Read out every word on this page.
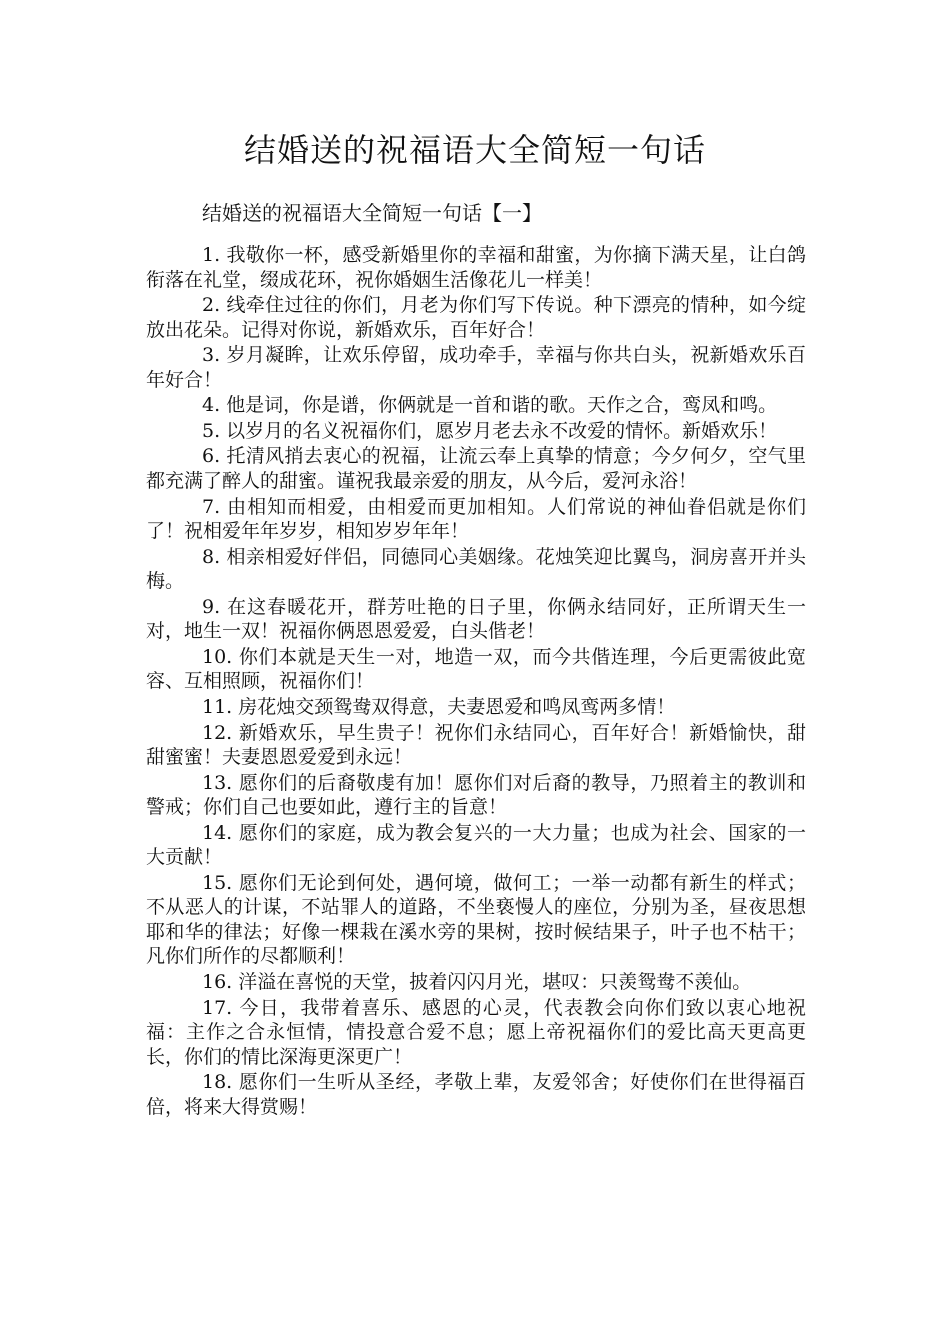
结婚送的祝福语大全简短一句话
结婚送的祝福语大全简短一句话【一】
1. 我敬你一杯，感受新婚里你的幸福和甜蜜，为你摘下满天星，让白鸽衔落在礼堂，缀成花环，祝你婚姻生活像花儿一样美！
2. 线牵住过往的你们，月老为你们写下传说。种下漂亮的情种，如今绽放出花朵。记得对你说，新婚欢乐，百年好合！
3. 岁月凝眸，让欢乐停留，成功牵手，幸福与你共白头，祝新婚欢乐百年好合！
4. 他是词，你是谱，你俩就是一首和谐的歌。天作之合，鸾凤和鸣。
5. 以岁月的名义祝福你们，愿岁月老去永不改爱的情怀。新婚欢乐！
6. 托清风捎去衷心的祝福，让流云奉上真挚的情意；今夕何夕，空气里都充满了醉人的甜蜜。谨祝我最亲爱的朋友，从今后，爱河永浴！
7. 由相知而相爱，由相爱而更加相知。人们常说的神仙眷侣就是你们了！祝相爱年年岁岁，相知岁岁年年！
8. 相亲相爱好伴侣，同德同心美姻缘。花烛笑迎比翼鸟，洞房喜开并头梅。
9. 在这春暖花开，群芳吐艳的日子里，你俩永结同好，正所谓天生一对，地生一双！祝福你俩恩恩爱爱，白头偕老！
10. 你们本就是天生一对，地造一双，而今共偕连理，今后更需彼此宽容、互相照顾，祝福你们！
11. 房花烛交颈鸳鸯双得意，夫妻恩爱和鸣凤鸾两多情！
12. 新婚欢乐，早生贵子！祝你们永结同心，百年好合！新婚愉快，甜甜蜜蜜！夫妻恩恩爱爱到永远！
13. 愿你们的后裔敬虔有加！愿你们对后裔的教导，乃照着主的教训和警戒；你们自己也要如此，遵行主的旨意！
14. 愿你们的家庭，成为教会复兴的一大力量；也成为社会、国家的一大贡献！
15. 愿你们无论到何处，遇何境，做何工；一举一动都有新生的样式；不从恶人的计谋，不站罪人的道路，不坐亵慢人的座位，分别为圣，昼夜思想耶和华的律法；好像一棵栽在溪水旁的果树，按时候结果子，叶子也不枯干；凡你们所作的尽都顺利！
16. 洋溢在喜悦的天堂，披着闪闪月光，堪叹：只羡鸳鸯不羡仙。
17. 今日，我带着喜乐、感恩的心灵，代表教会向你们致以衷心地祝福：主作之合永恒情，情投意合爱不息；愿上帝祝福你们的爱比高天更高更长，你们的情比深海更深更广！
18. 愿你们一生听从圣经，孝敬上辈，友爱邻舍；好使你们在世得福百倍，将来大得赏赐！
